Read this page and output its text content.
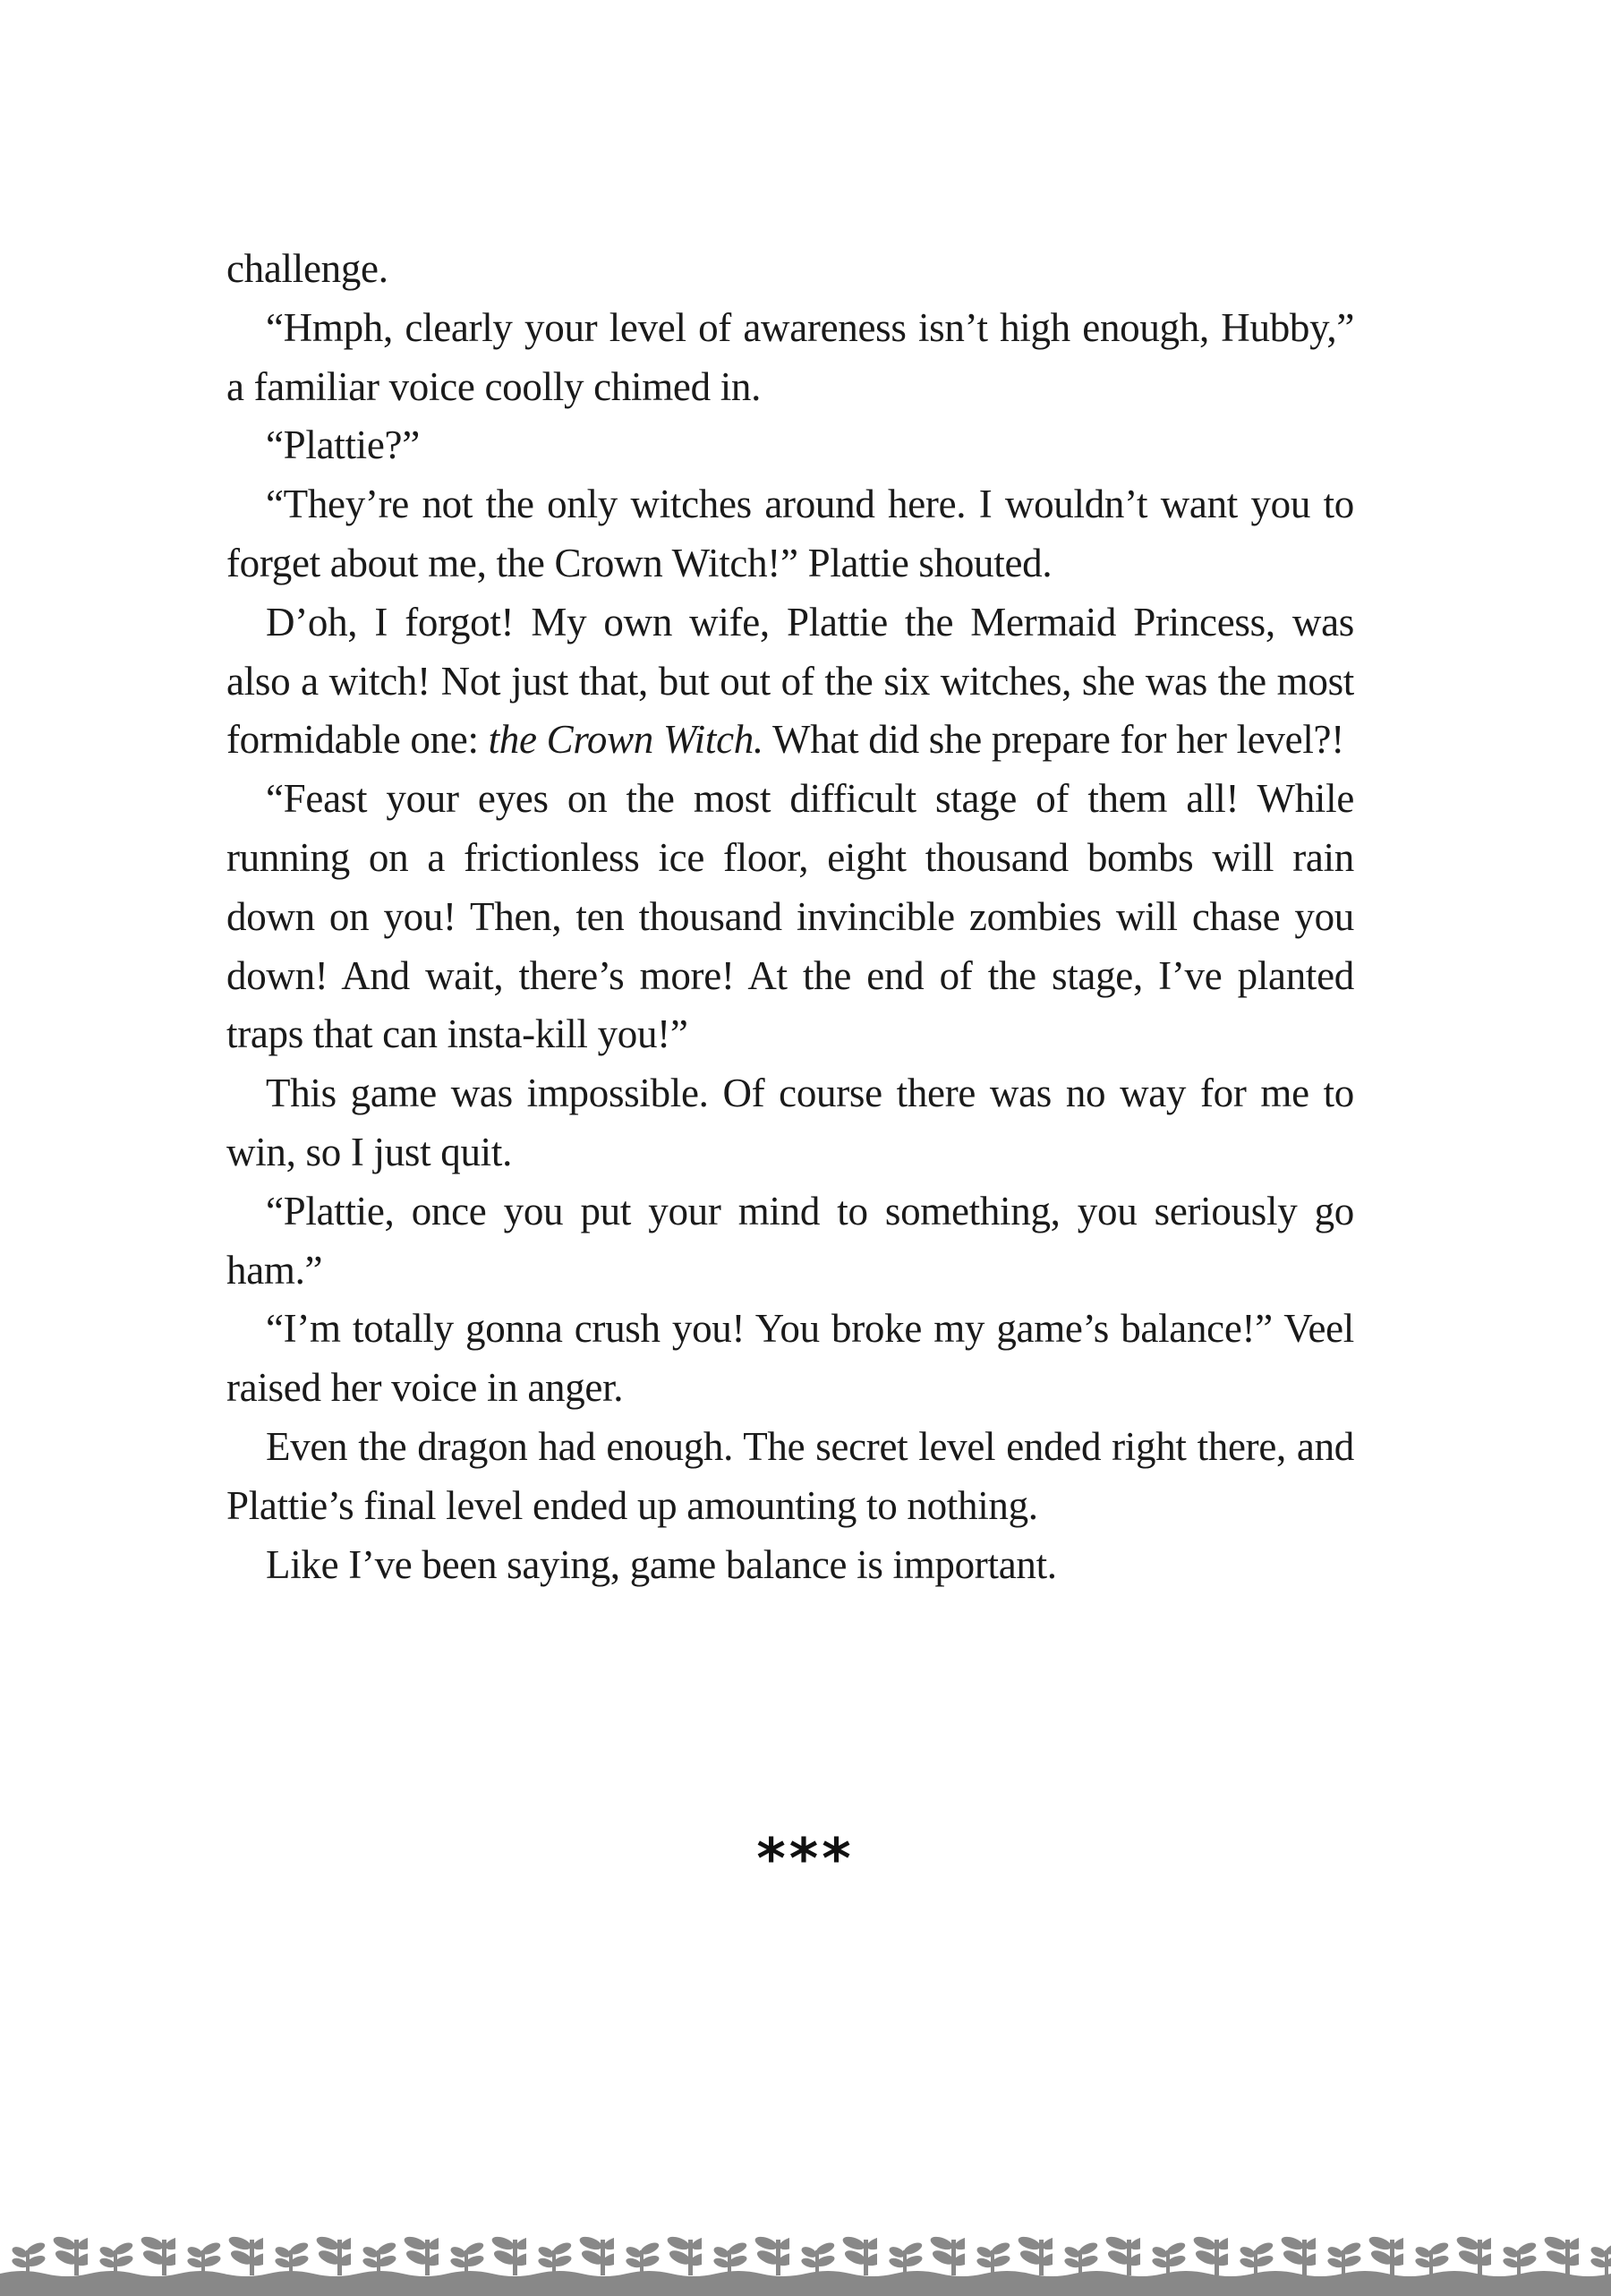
challenge.

“Hmph, clearly your level of awareness isn’t high enough, Hubby,” a familiar voice coolly chimed in.

“Plattie?”

“They’re not the only witches around here. I wouldn’t want you to forget about me, the Crown Witch!” Plattie shouted.

D’oh, I forgot! My own wife, Plattie the Mermaid Princess, was also a witch! Not just that, but out of the six witches, she was the most formidable one: the Crown Witch. What did she prepare for her level?!

“Feast your eyes on the most difficult stage of them all! While running on a frictionless ice floor, eight thousand bombs will rain down on you! Then, ten thousand invincible zombies will chase you down! And wait, there’s more! At the end of the stage, I’ve planted traps that can insta-kill you!”

This game was impossible. Of course there was no way for me to win, so I just quit.

“Plattie, once you put your mind to something, you seriously go ham.”

“I’m totally gonna crush you! You broke my game’s balance!” Veel raised her voice in anger.

Even the dragon had enough. The secret level ended right there, and Plattie’s final level ended up amounting to nothing.

Like I’ve been saying, game balance is important.

***
